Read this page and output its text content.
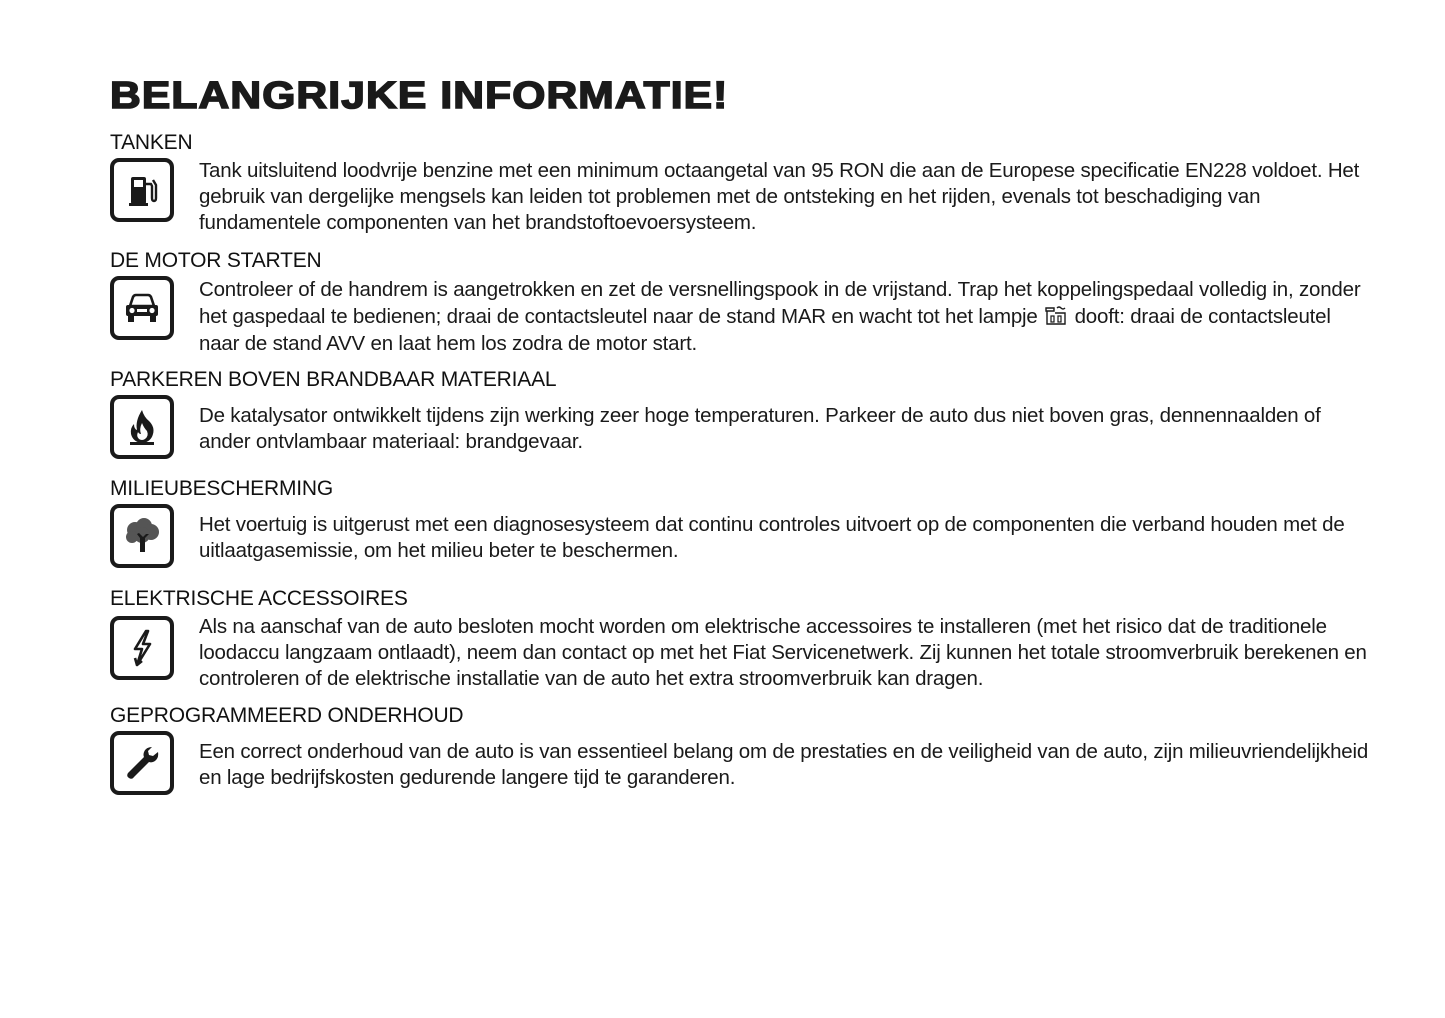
BELANGRIJKE INFORMATIE!
TANKEN

Tank uitsluitend loodvrije benzine met een minimum octaangetal van 95 RON die aan de Europese specificatie EN228 voldoet. Het gebruik van dergelijke mengsels kan leiden tot problemen met de ontsteking en het rijden, evenals tot beschadiging van fundamentele componenten van het brandstoftoevoersysteem.

DE MOTOR STARTEN

Controleer of de handrem is aangetrokken en zet de versnellingspook in de vrijstand. Trap het koppelingspedaal volledig in, zonder het gaspedaal te bedienen; draai de contactsleutel naar de stand MAR en wacht tot het lampje dooft: draai de contactsleutel naar de stand AVV en laat hem los zodra de motor start.

PARKEREN BOVEN BRANDBAAR MATERIAAL

De katalysator ontwikkelt tijdens zijn werking zeer hoge temperaturen. Parkeer de auto dus niet boven gras, dennennaalden of ander ontvlambaar materiaal: brandgevaar.

MILIEUBESCHERMING

Het voertuig is uitgerust met een diagnosesysteem dat continu controles uitvoert op de componenten die verband houden met de uitlaatgasemissie, om het milieu beter te beschermen.

ELEKTRISCHE ACCESSOIRES

Als na aanschaf van de auto besloten mocht worden om elektrische accessoires te installeren (met het risico dat de traditionele loodaccu langzaam ontlaadt), neem dan contact op met het Fiat Servicenetwerk. Zij kunnen het totale stroomverbruik berekenen en controleren of de elektrische installatie van de auto het extra stroomverbruik kan dragen.

GEPROGRAMMEERD ONDERHOUD

Een correct onderhoud van de auto is van essentieel belang om de prestaties en de veiligheid van de auto, zijn milieuvriendelijkheid en lage bedrijfskosten gedurende langere tijd te garanderen.
